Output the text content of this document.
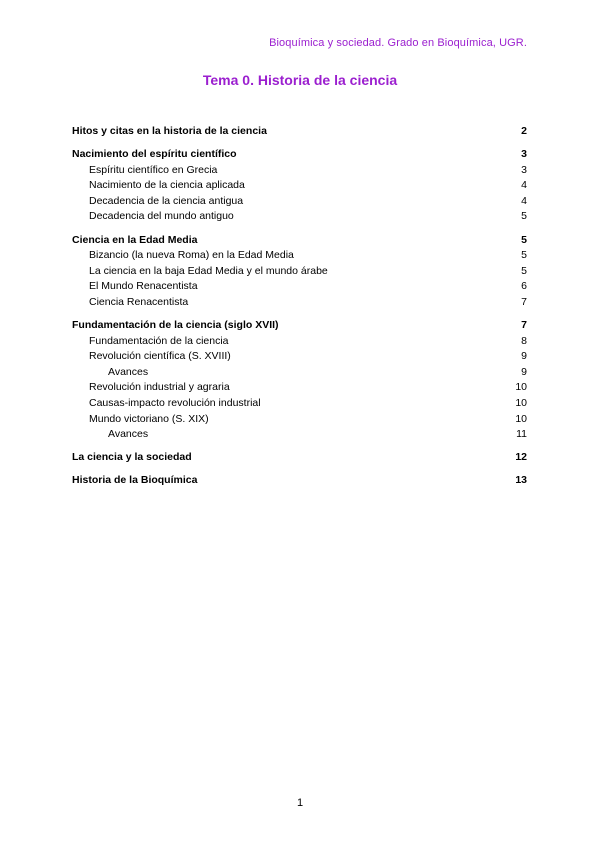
Bioquímica y sociedad. Grado en Bioquímica, UGR.
Tema 0. Historia de la ciencia
Hitos y citas en la historia de la ciencia	2
Nacimiento del espíritu científico	3
Espíritu científico en Grecia	3
Nacimiento de la ciencia aplicada	4
Decadencia de la ciencia antigua	4
Decadencia del mundo antiguo	5
Ciencia en la Edad Media	5
Bizancio (la nueva Roma) en la Edad Media	5
La ciencia en la baja Edad Media y el mundo árabe	5
El Mundo Renacentista	6
Ciencia Renacentista	7
Fundamentación de la ciencia (siglo XVII)	7
Fundamentación de la ciencia	8
Revolución científica (S. XVIII)	9
Avances	9
Revolución industrial y agraria	10
Causas-impacto revolución industrial	10
Mundo victoriano (S. XIX)	10
Avances	11
La ciencia y la sociedad	12
Historia de la Bioquímica	13
1
